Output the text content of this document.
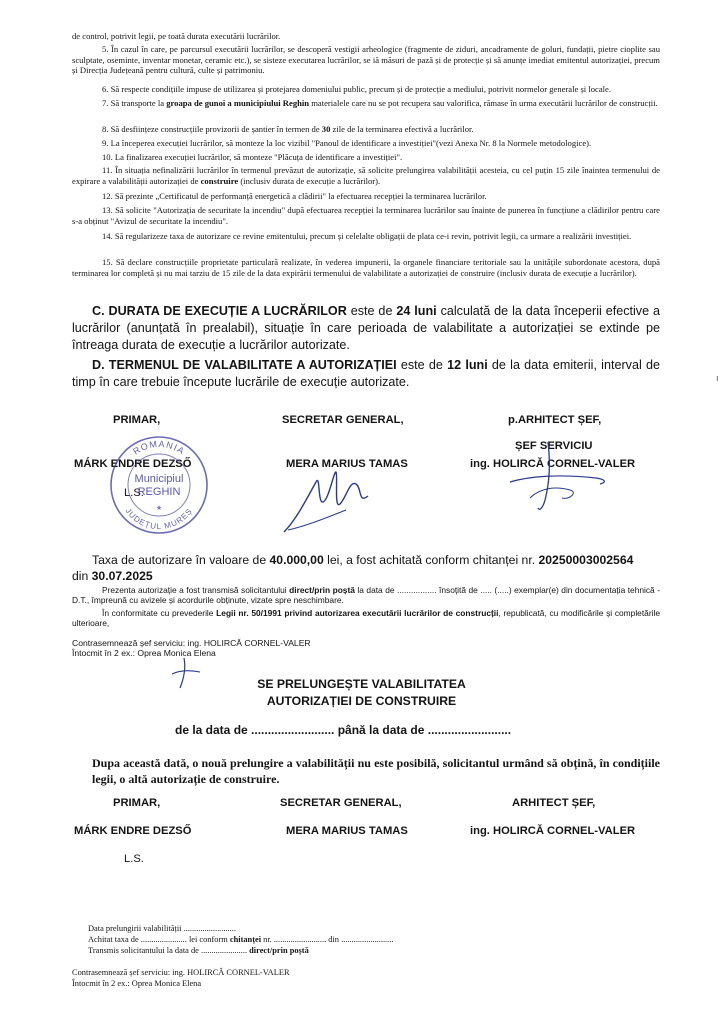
de control, potrivit legii, pe toată durata executării lucrărilor.
5. În cazul în care, pe parcursul executării lucrărilor, se descoperă vestigii arheologice (fragmente de ziduri, ancadramente de goluri, fundații, pietre cioplite sau sculptate, oseminte, inventar monetar, ceramic etc.), se sisteze executarea lucrărilor, se iă măsuri de pază și de protecție și să anunțe imediat emitentul autorizației, precum și Direcția Județeană pentru cultură, culte și patrimoniu.
6. Să respecte condițiile impuse de utilizarea și protejarea domeniului public, precum și de protecție a mediului, potrivit normelor generale și locale.
7. Să transporte la groapa de gunoi a municipiului Reghin materialele care nu se pot recupera sau valorifica, rămase în urma executării lucrărilor de construcții.
8. Să desființeze construcțiile provizorii de șantier în termen de 30 zile de la terminarea efectivă a lucrărilor.
9. La începerea execuției lucrărilor, să monteze la loc vizibil "Panoul de identificare a investiției"(vezi Anexa Nr. 8 la Normele metodologice).
10. La finalizarea execuției lucrărilor, să monteze "Plăcuța de identificare a investiției".
11. În situația nefinalizării lucrărilor în termenul prevăzut de autorizație, să solicite prelungirea valabilității acesteia, cu cel puțin 15 zile înaintea termenului de expirare a valabilității autorizației de construire (inclusiv durata de execuție a lucrărilor).
12. Să prezinte „Certificatul de performanță energetică a clădirii" la efectuarea recepției la terminarea lucrărilor.
13. Să solicite "Autorizația de securitate la incendiu" după efectuarea recepției la terminarea lucrărilor sau înainte de punerea în funcțiune a clădirilor pentru care s-a obținut "Avizul de securitate la incendiu".
14. Să regularizeze taxa de autorizare ce revine emitentului, precum și celelalte obligații de plata ce-i revin, potrivit legii, ca urmare a realizării investiției.
15. Să declare construcțiile proprietate particulară realizate, în vederea impunerii, la organele financiare teritoriale sau la unitățile subordonate acestora, după terminarea lor completă și nu mai tarziu de 15 zile de la data expirării termenului de valabilitate a autorizației de construire (inclusiv durata de execuție a lucrărilor).
C. DURATA DE EXECUȚIE A LUCRĂRILOR este de 24 luni calculată de la data începerii efective a lucrărilor (anunțată în prealabil), situație în care perioada de valabilitate a autorizației se extinde pe întreaga durata de execuție a lucrărilor autorizate.
D. TERMENUL DE VALABILITATE A AUTORIZAȚIEI este de 12 luni de la data emiterii, interval de timp în care trebuie începute lucrările de execuție autorizate.	ı
PRIMAR,	SECRETAR GENERAL,	p.ARHITECT ȘEF,
ȘEF SERVICIU
MÁRK ENDRE DEZSŐ	MERA MARIUS TAMAS	ing. HOLIRCĂ CORNEL-VALER
L.S.
ROMANIA
JUDEȚUL MUREȘ
Municipiul
REGHIN
★
Taxa de autorizare în valoare de 40.000,00 lei, a fost achitată conform chitanței nr. 20250003002564
din 30.07.2025
Prezenta autorizație a fost transmisă solicitantului direct/prin poștă la data de ................. însoțită de ..... (.....) exemplar(e) din documentația tehnică - D.T., împreună cu avizele și acordurile obținute, vizate spre neschimbare.
În conformitate cu prevederile Legii nr. 50/1991 privind autorizarea executării lucrărilor de construcții, republicată, cu modificările și completările ulterioare,
Contrasemnează șef serviciu: ing. HOLIRCĂ CORNEL-VALER
Întocmit în 2 ex.: Oprea Monica Elena
SE PRELUNGEȘTE VALABILITATEA
AUTORIZAȚIEI DE CONSTRUIRE
de la data de ......................... până la data de .........................
Dupa această dată, o nouă prelungire a valabilității nu este posibilă, solicitantul urmând să obțină, în condițiile legii, o altă autorizație de construire.
PRIMAR,	SECRETAR GENERAL,	ARHITECT ȘEF,
MÁRK ENDRE DEZSŐ	MERA MARIUS TAMAS	ing. HOLIRCĂ CORNEL-VALER
L.S.
Data prelungirii valabilității .........................
Achitat taxa de ...................... lei conform chitanței nr. ......................... din .........................
Transmis solicitantului la data de ...................... direct/prin poștă
Contrasemnează șef serviciu: ing. HOLIRCĂ CORNEL-VALER
Întocmit în 2 ex.: Oprea Monica Elena
